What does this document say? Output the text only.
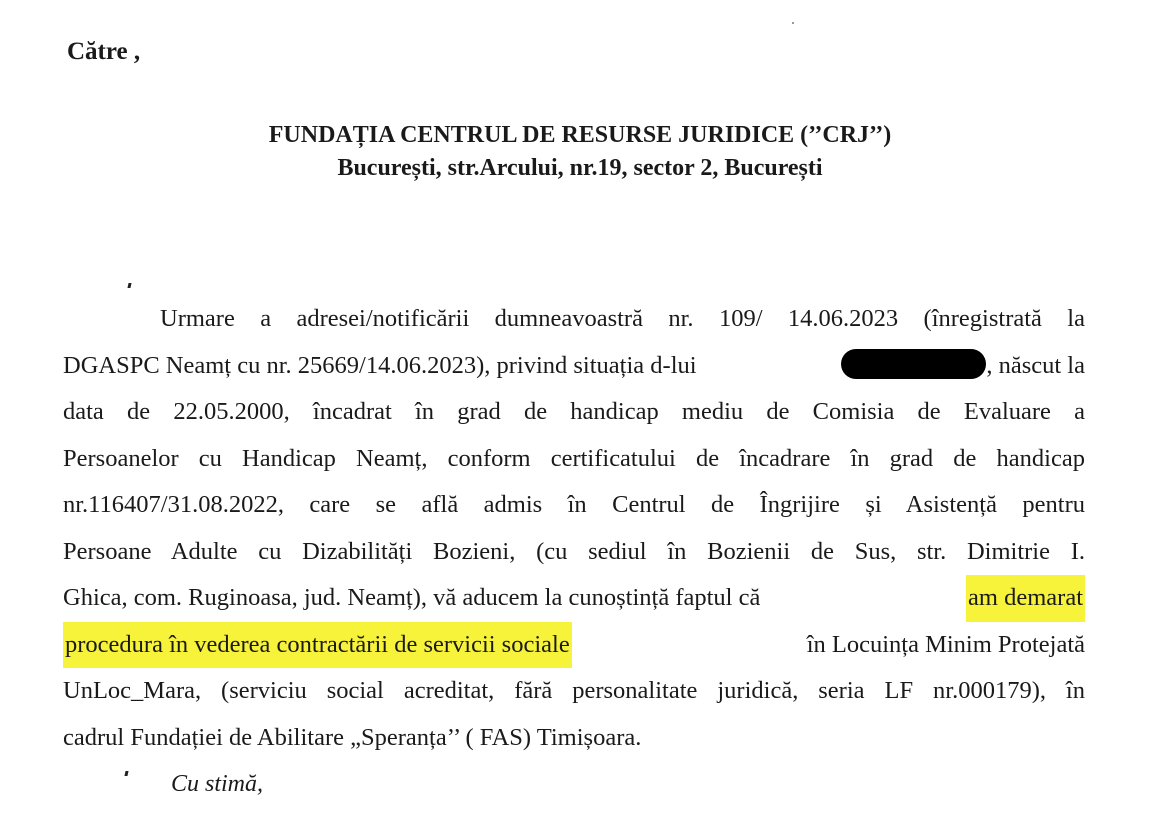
Către ,
FUNDAȚIA CENTRUL DE RESURSE JURIDICE (’’CRJ’’)
București, str.Arcului, nr.19, sector 2, București
Urmare a adresei/notificării dumneavoastră nr. 109/ 14.06.2023 (înregistrată la
DGASPC Neamț cu nr. 25669/14.06.2023), privind situația d-lui	, născut la
data de 22.05.2000, încadrat în grad de handicap mediu de Comisia de Evaluare a
Persoanelor cu Handicap Neamț, conform certificatului de încadrare în grad de handicap
nr.116407/31.08.2022, care se află admis în Centrul de Îngrijire și Asistență pentru
Persoane Adulte cu Dizabilități Bozieni, (cu sediul în Bozienii de Sus, str. Dimitrie I.
Ghica, com. Ruginoasa, jud. Neamț), vă aducem la cunoștință faptul că	am demarat
procedura în vederea contractării de servicii sociale	în Locuința Minim Protejată
UnLoc_Mara, (serviciu social acreditat, fără personalitate juridică, seria LF nr.000179), în
cadrul Fundației de Abilitare „Speranța’’ ( FAS) Timișoara.
Cu stimă,
